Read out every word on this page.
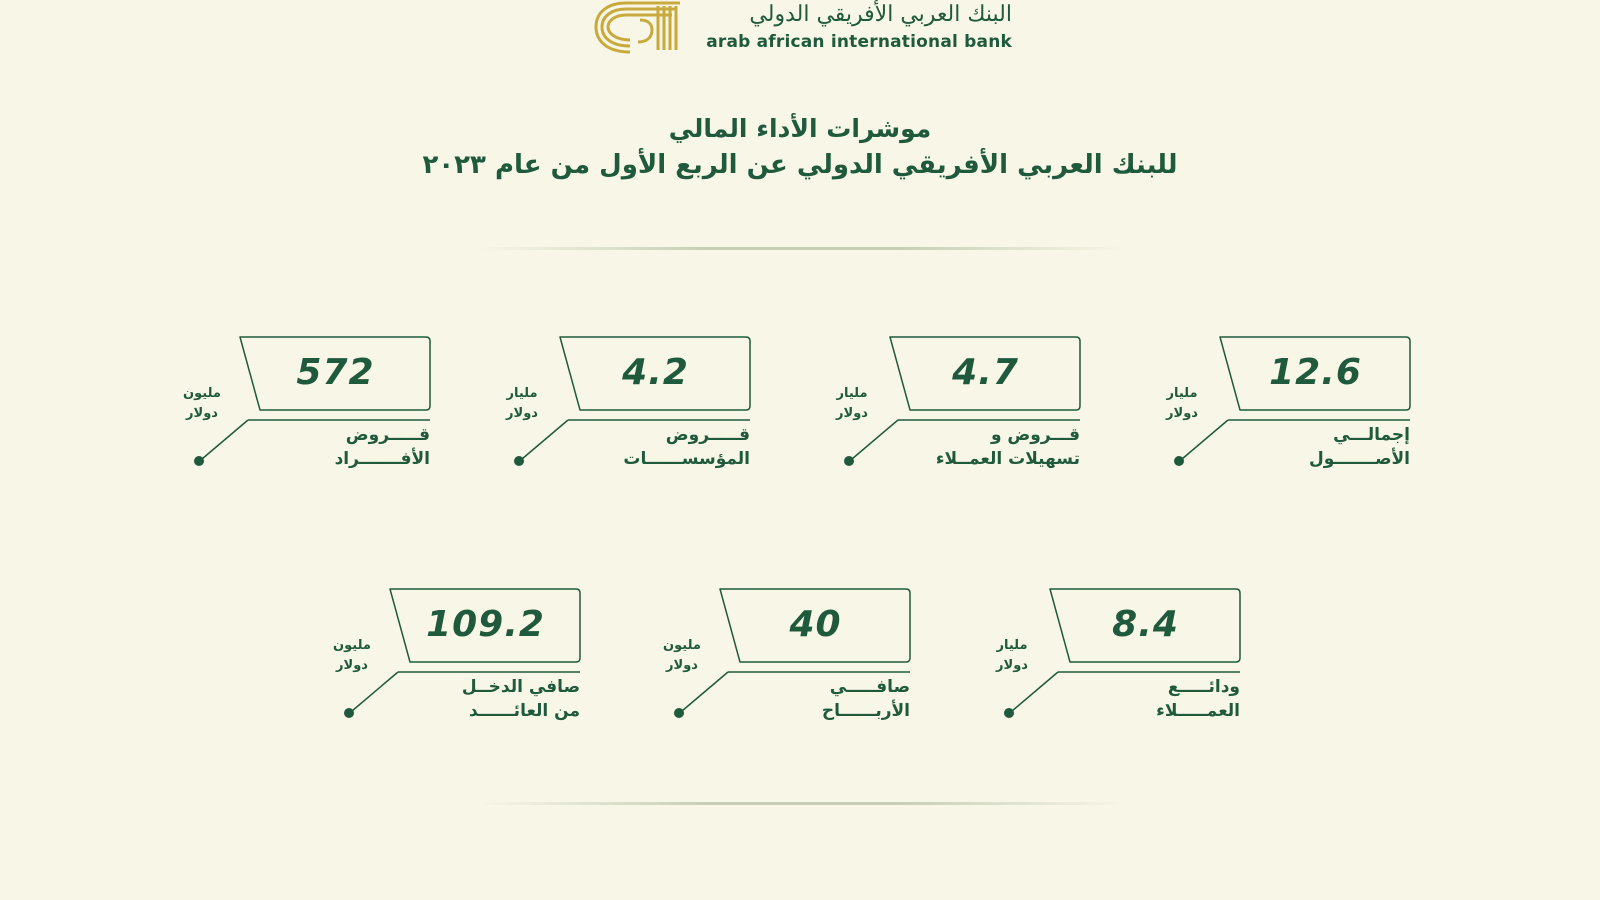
البنك العربي الأفريقي الدولي
arab african international bank
موشرات الأداء المالي
للبنك العربي الأفريقي الدولي عن الربع الأول من عام ٢٠٢٣
12.6
مليار
دولار
إجمالـــي
الأصـــــــول
4.7
مليار
دولار
قـــروض و
تسهيلات العمــلاء
4.2
مليار
دولار
قـــــروض
المؤسســــــات
572
مليون
دولار
قـــــروض
الأفـــــــراد
8.4
مليار
دولار
ودائـــــع
العمـــــلاء
40
مليون
دولار
صافـــــي
الأربــــــاح
109.2
مليون
دولار
صافي الدخــل
من العائــــــد
